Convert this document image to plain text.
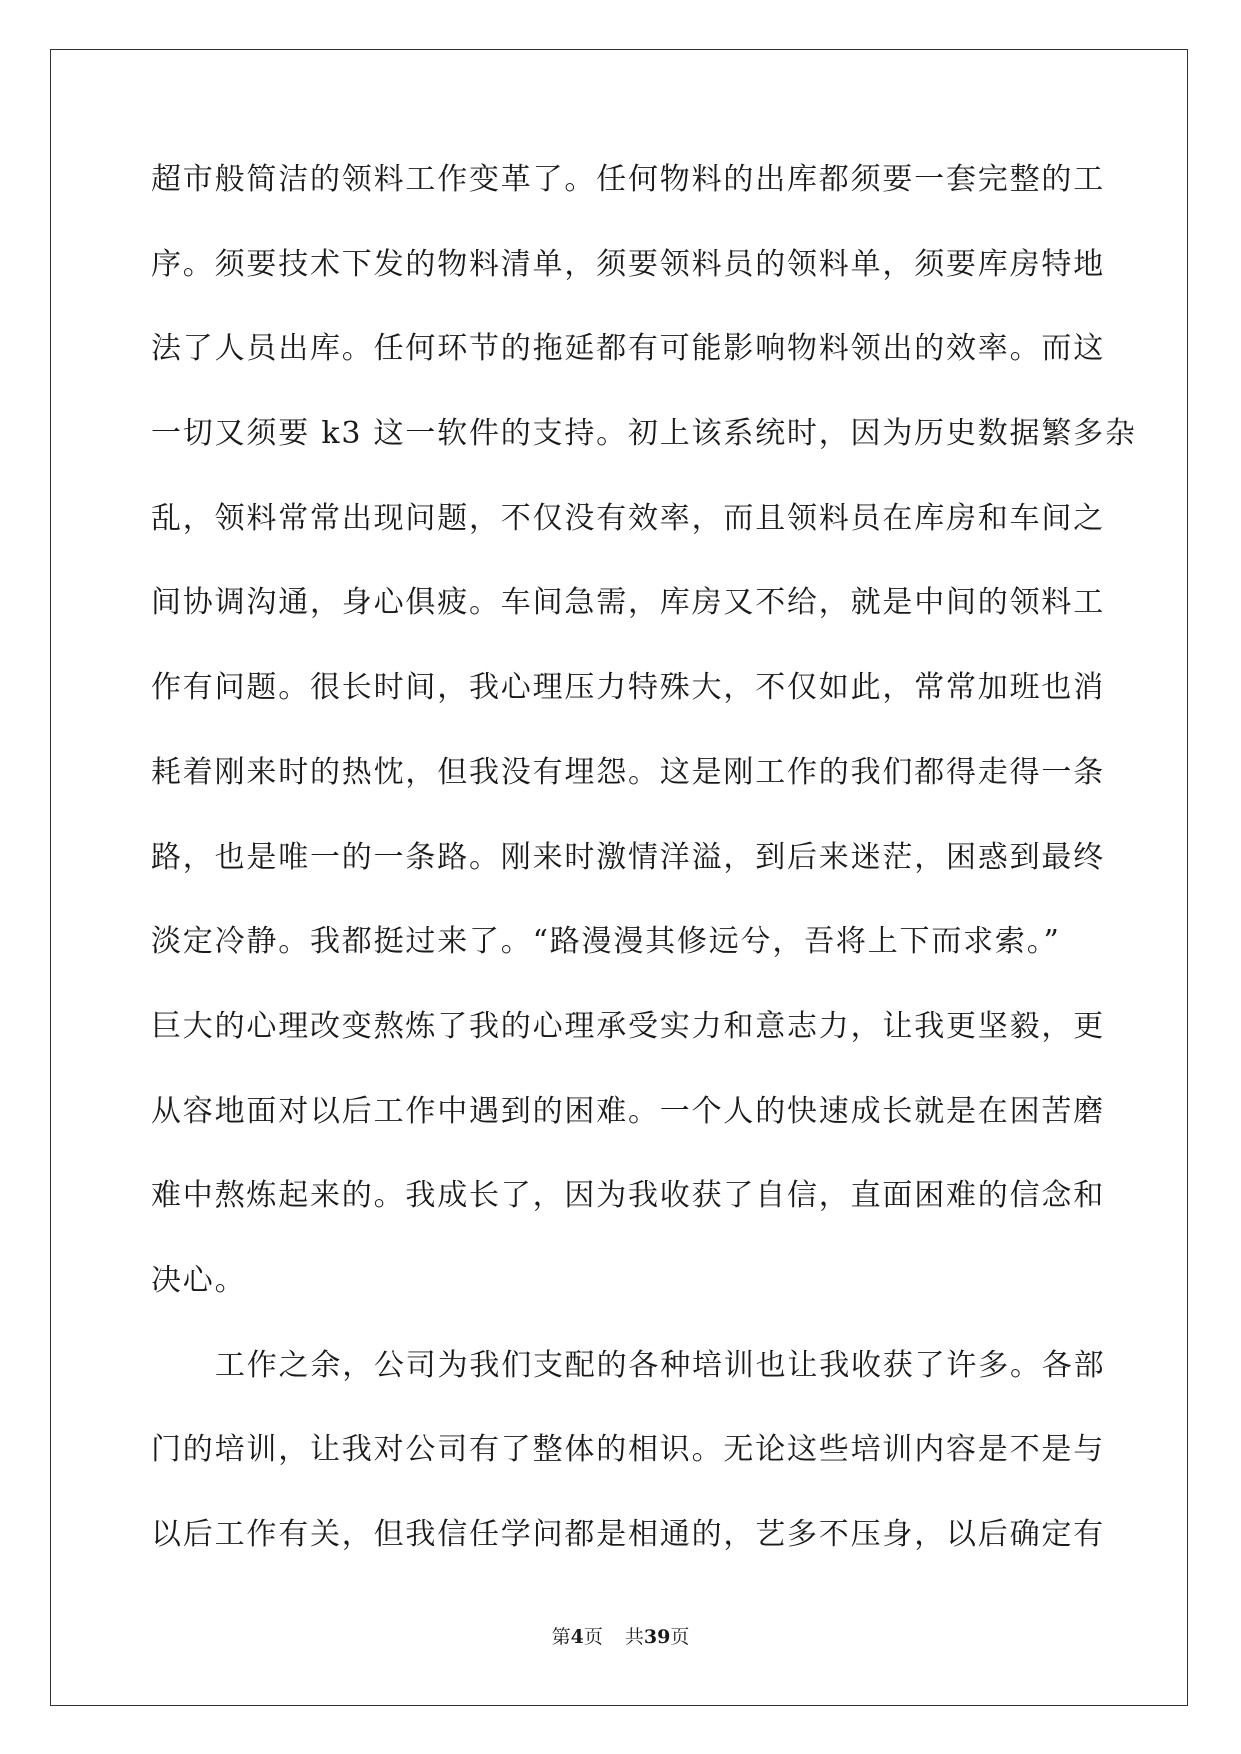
超市般简洁的领料工作变革了。任何物料的出库都须要一套完整的工
序。须要技术下发的物料清单，须要领料员的领料单，须要库房特地
法了人员出库。任何环节的拖延都有可能影响物料领出的效率。而这
一切又须要 k3 这一软件的支持。初上该系统时，因为历史数据繁多杂
乱，领料常常出现问题，不仅没有效率，而且领料员在库房和车间之
间协调沟通，身心俱疲。车间急需，库房又不给，就是中间的领料工
作有问题。很长时间，我心理压力特殊大，不仅如此，常常加班也消
耗着刚来时的热忱，但我没有埋怨。这是刚工作的我们都得走得一条
路，也是唯一的一条路。刚来时激情洋溢，到后来迷茫，困惑到最终
淡定冷静。我都挺过来了。“路漫漫其修远兮，吾将上下而求索。”
巨大的心理改变熬炼了我的心理承受实力和意志力，让我更坚毅，更
从容地面对以后工作中遇到的困难。一个人的快速成长就是在困苦磨
难中熬炼起来的。我成长了，因为我收获了自信，直面困难的信念和
决心。
工作之余，公司为我们支配的各种培训也让我收获了许多。各部
门的培训，让我对公司有了整体的相识。无论这些培训内容是不是与
以后工作有关，但我信任学问都是相通的，艺多不压身，以后确定有
第4页 共39页
